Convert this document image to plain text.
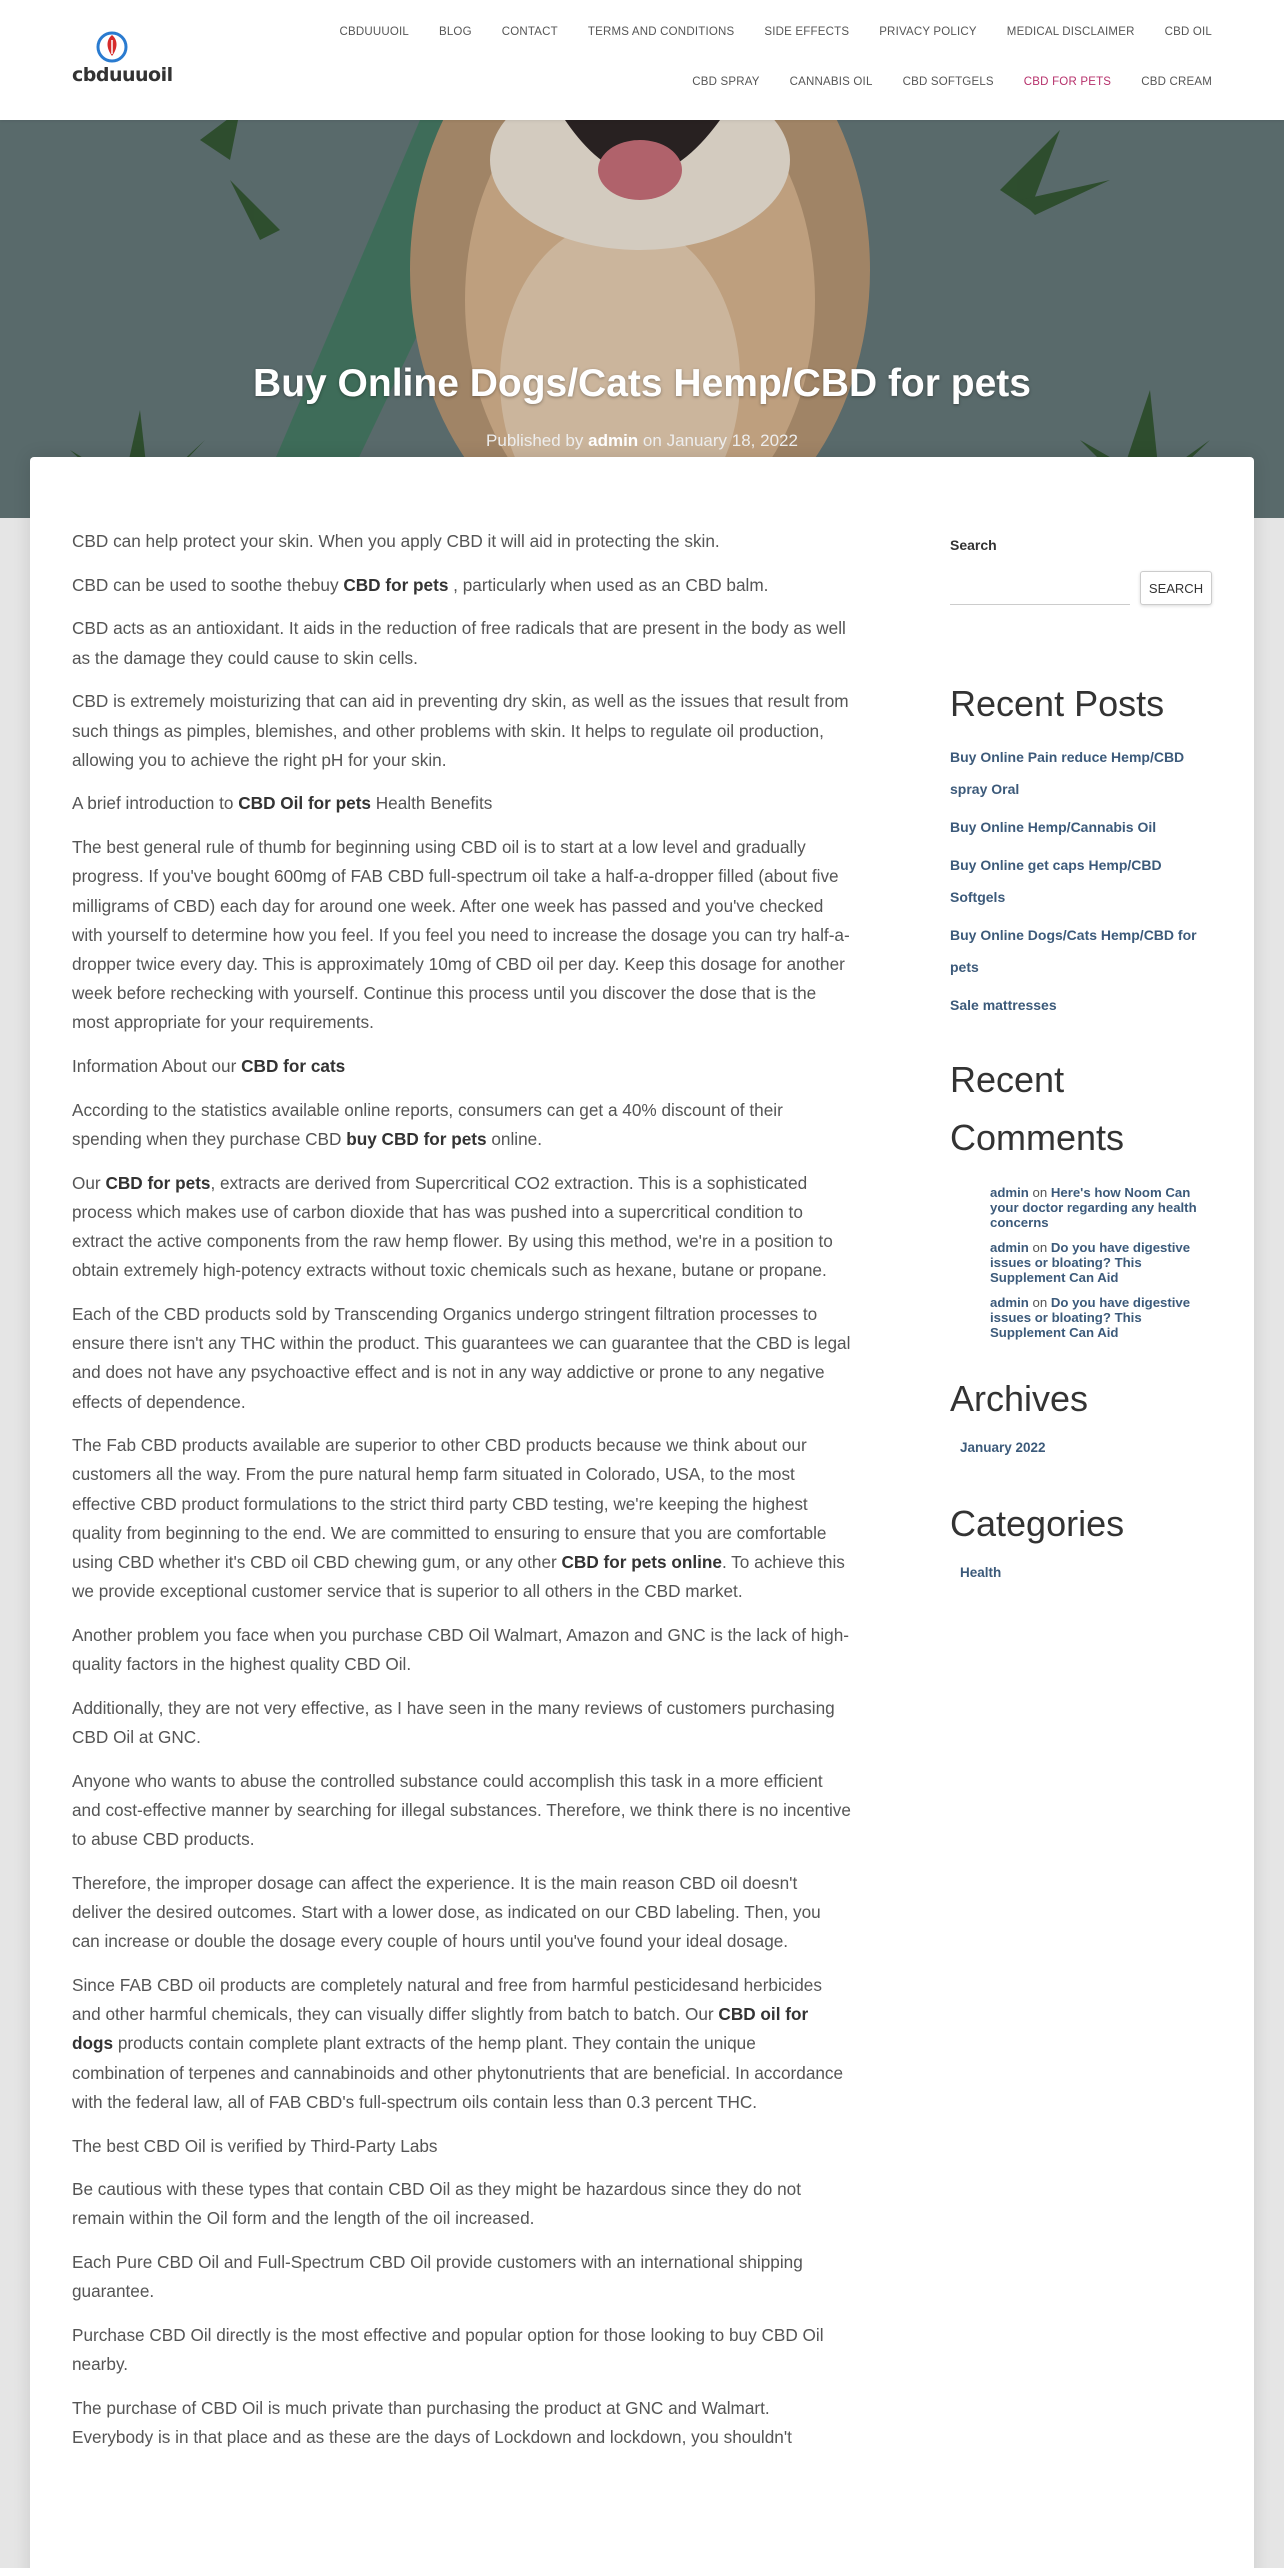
cbduuuoil
CBDUUUOIL	BLOG	CONTACT	TERMS AND CONDITIONS	SIDE EFFECTS	PRIVACY POLICY	MEDICAL DISCLAIMER	CBD OIL
CBD SPRAY	CANNABIS OIL	CBD SOFTGELS	CBD FOR PETS	CBD CREAM
Buy Online Dogs/Cats Hemp/CBD for pets
Published by admin on January 18, 2022

CBD can help protect your skin. When you apply CBD it will aid in protecting the skin.

CBD can be used to soothe thebuy CBD for pets , particularly when used as an CBD balm.

CBD acts as an antioxidant. It aids in the reduction of free radicals that are present in the body as well as the damage they could cause to skin cells.

CBD is extremely moisturizing that can aid in preventing dry skin, as well as the issues that result from such things as pimples, blemishes, and other problems with skin. It helps to regulate oil production, allowing you to achieve the right pH for your skin.

A brief introduction to CBD Oil for pets Health Benefits

The best general rule of thumb for beginning using CBD oil is to start at a low level and gradually progress. If you've bought 600mg of FAB CBD full-spectrum oil take a half-a-dropper filled (about five milligrams of CBD) each day for around one week. After one week has passed and you've checked with yourself to determine how you feel. If you feel you need to increase the dosage you can try half-a-dropper twice every day. This is approximately 10mg of CBD oil per day. Keep this dosage for another week before rechecking with yourself. Continue this process until you discover the dose that is the most appropriate for your requirements.

Information About our CBD for cats

According to the statistics available online reports, consumers can get a 40% discount of their spending when they purchase CBD buy CBD for pets online.

Our CBD for pets, extracts are derived from Supercritical CO2 extraction. This is a sophisticated process which makes use of carbon dioxide that has was pushed into a supercritical condition to extract the active components from the raw hemp flower. By using this method, we're in a position to obtain extremely high-potency extracts without toxic chemicals such as hexane, butane or propane.

Each of the CBD products sold by Transcending Organics undergo stringent filtration processes to ensure there isn't any THC within the product. This guarantees we can guarantee that the CBD is legal and does not have any psychoactive effect and is not in any way addictive or prone to any negative effects of dependence.

The Fab CBD products available are superior to other CBD products because we think about our customers all the way. From the pure natural hemp farm situated in Colorado, USA, to the most effective CBD product formulations to the strict third party CBD testing, we're keeping the highest quality from beginning to the end. We are committed to ensuring to ensure that you are comfortable using CBD whether it's CBD oil CBD chewing gum, or any other CBD for pets online. To achieve this we provide exceptional customer service that is superior to all others in the CBD market.

Another problem you face when you purchase CBD Oil Walmart, Amazon and GNC is the lack of high-quality factors in the highest quality CBD Oil.

Additionally, they are not very effective, as I have seen in the many reviews of customers purchasing CBD Oil at GNC.

Anyone who wants to abuse the controlled substance could accomplish this task in a more efficient and cost-effective manner by searching for illegal substances. Therefore, we think there is no incentive to abuse CBD products.

Therefore, the improper dosage can affect the experience. It is the main reason CBD oil doesn't deliver the desired outcomes. Start with a lower dose, as indicated on our CBD labeling. Then, you can increase or double the dosage every couple of hours until you've found your ideal dosage.

Since FAB CBD oil products are completely natural and free from harmful pesticidesand herbicides and other harmful chemicals, they can visually differ slightly from batch to batch. Our CBD oil for dogs products contain complete plant extracts of the hemp plant. They contain the unique combination of terpenes and cannabinoids and other phytonutrients that are beneficial. In accordance with the federal law, all of FAB CBD's full-spectrum oils contain less than 0.3 percent THC.

The best CBD Oil is verified by Third-Party Labs

Be cautious with these types that contain CBD Oil as they might be hazardous since they do not remain within the Oil form and the length of the oil increased.

Each Pure CBD Oil and Full-Spectrum CBD Oil provide customers with an international shipping guarantee.

Purchase CBD Oil directly is the most effective and popular option for those looking to buy CBD Oil nearby.

The purchase of CBD Oil is much private than purchasing the product at GNC and Walmart. Everybody is in that place and as these are the days of Lockdown and lockdown, you shouldn't

Search
SEARCH
Recent Posts
Buy Online Pain reduce Hemp/CBD spray Oral
Buy Online Hemp/Cannabis Oil
Buy Online get caps Hemp/CBD Softgels
Buy Online Dogs/Cats Hemp/CBD for pets
Sale mattresses
Recent
Comments
admin on Here's how Noom Can your doctor regarding any health concerns
admin on Do you have digestive issues or bloating? This Supplement Can Aid
admin on Do you have digestive issues or bloating? This Supplement Can Aid
Archives
January 2022
Categories
Health
